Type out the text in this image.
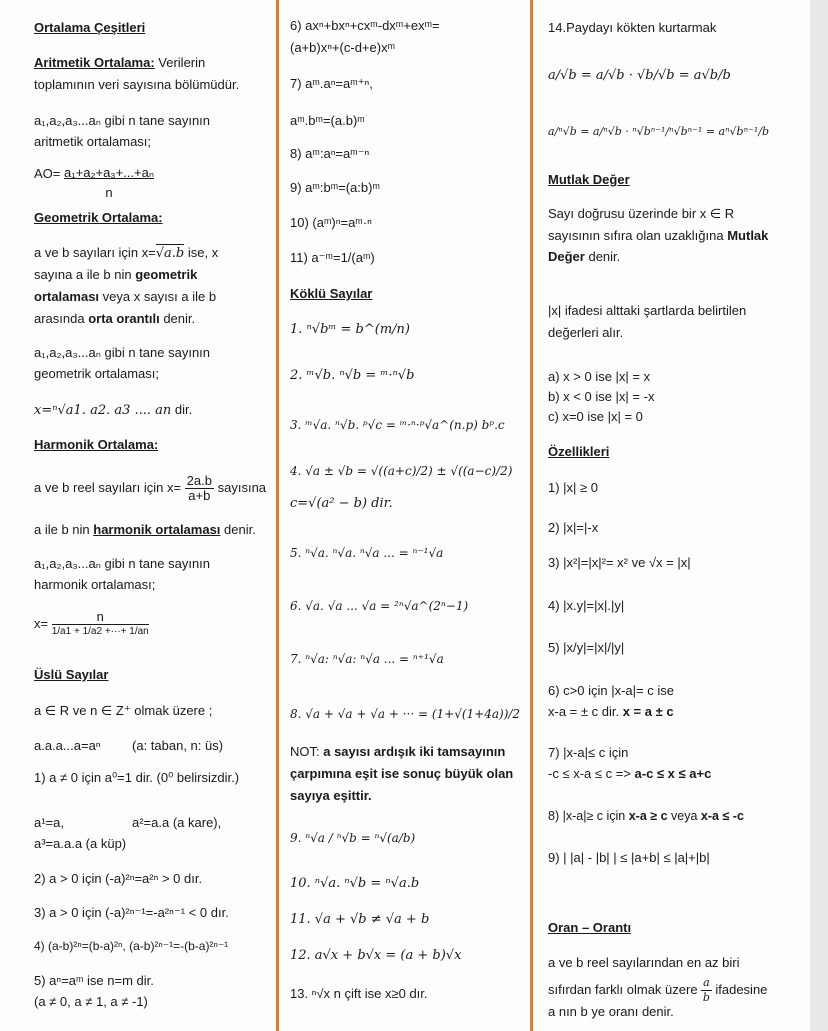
Ortalama Çeşitleri
Aritmetik Ortalama: Verilerin
toplamının veri sayısına bölümüdür.
a₁,a₂,a₃...aₙ gibi n tane sayının
aritmetik ortalaması;
$AO= \frac{\text{a₁+a₂+a₃+...+aₙ}}{n}$
Geometrik Ortalama:
a ve b sayıları için x=√a.b ise, x
sayına a ile b nin geometrik
ortalaması veya x sayısı a ile b
arasında orta orantılı denir.
a₁,a₂,a₃...aₙ gibi n tane sayının
geometrik ortalaması;
x=ⁿ√a1. a2. a3 .... an dir.
Harmonik Ortalama:
a ve b reel sayıları için $x= \frac{2a.b}{a+b}$ sayısına
a ile b nin harmonik ortalaması denir.
a₁,a₂,a₃...aₙ gibi n tane sayının
harmonik ortalaması;
$x= \frac{n}{1/a1 + 1/a2 +\cdot\cdot\cdot+ 1/an}$
Üslü Sayılar
a ∈ R ve n ∈ Z⁺ olmak üzere ;
a.a.a...a=aⁿ (a: taban, n: üs)
1) a ≠ 0 için a⁰=1 dir. (0⁰ belirsizdir.)
a¹=a,	a²=a.a (a kare),
a³=a.a.a (a küp)
2) a > 0 için (-a)²ⁿ=a²ⁿ > 0 dır.
3) a > 0 için (-a)²ⁿ⁻¹=-a²ⁿ⁻¹ < 0 dır.
4) (a-b)²ⁿ=(b-a)²ⁿ, (a-b)²ⁿ⁻¹=-(b-a)²ⁿ⁻¹
5) aⁿ=aᵐ ise n=m dir.
(a ≠ 0, a ≠ 1, a ≠ -1)
6) axⁿ+bxⁿ+cxᵐ-dxᵐ+exᵐ=
(a+b)xⁿ+(c-d+e)xᵐ
7) aᵐ.aⁿ=aᵐ⁺ⁿ,
aᵐ.bᵐ=(a.b)ᵐ
8) aᵐ:aⁿ=aᵐ⁻ⁿ
9) aᵐ:bᵐ=(a:b)ᵐ
10) (aᵐ)ⁿ=aᵐ·ⁿ
11) a⁻ᵐ=1/(aᵐ)
Köklü Sayılar
1. ⁿ√bᵐ = b^(m/n)
2. ᵐ√b. ⁿ√b = ᵐ·ⁿ√b
3. ᵐ√a. ⁿ√b. ᵖ√c = ᵐ·ⁿ·ᵖ√a^(n.p) bᵖ.c
4. √a ± √b = √((a+c)/2) ± √((a−c)/2)
c=√(a² − b) dir.
5. ⁿ√a. ⁿ√a. ⁿ√a ... = ⁿ⁻¹√a
6. √a. √a ... √a = ²ⁿ√a^(2ⁿ−1)
7. ⁿ√a: ⁿ√a: ⁿ√a ... = ⁿ⁺¹√a
8. √a + √a + √a + ··· = (1+√(1+4a))/2
NOT: a sayısı ardışık iki tamsayının
çarpımına eşit ise sonuç büyük olan
sayıya eşittir.
9. ⁿ√a / ⁿ√b = ⁿ√(a/b)
10. ⁿ√a. ⁿ√b = ⁿ√a.b
11. √a + √b ≠ √a + b
12. a√x + b√x = (a + b)√x
13. ⁿ√x n çift ise x≥0 dır.
14.Paydayı kökten kurtarmak
a/√b = a/√b · √b/√b = a√b/b
a/ⁿ√b = a/ⁿ√b · ⁿ√bⁿ⁻¹/ⁿ√bⁿ⁻¹ = aⁿ√bⁿ⁻¹/b
Mutlak Değer
Sayı doğrusu üzerinde bir x ∈ R
sayısının sıfıra olan uzaklığına Mutlak
Değer denir.
|x| ifadesi alttaki şartlarda belirtilen
değerleri alır.
a) x > 0 ise |x| = x
b) x < 0 ise |x| = -x
c) x=0 ise |x| = 0
Özellikleri
1) |x| ≥ 0
2) |x|=|-x
3) |x²|=|x|²= x² ve √x = |x|
4) |x.y|=|x|.|y|
5) |x/y|=|x|/|y|
6) c>0 için |x-a|= c ise
x-a = ± c dir. x = a ± c
7) |x-a|≤ c için
-c ≤ x-a ≤ c => a-c ≤ x ≤ a+c
8) |x-a|≥ c için x-a ≥ c veya x-a ≤ -c
9) | |a| - |b| | ≤ |a+b| ≤ |a|+|b|
Oran – Orantı
a ve b reel sayılarından en az biri
sıfırdan farklı olmak üzere $\frac{a}{b}$ ifadesine
a nın b ye oranı denir.
